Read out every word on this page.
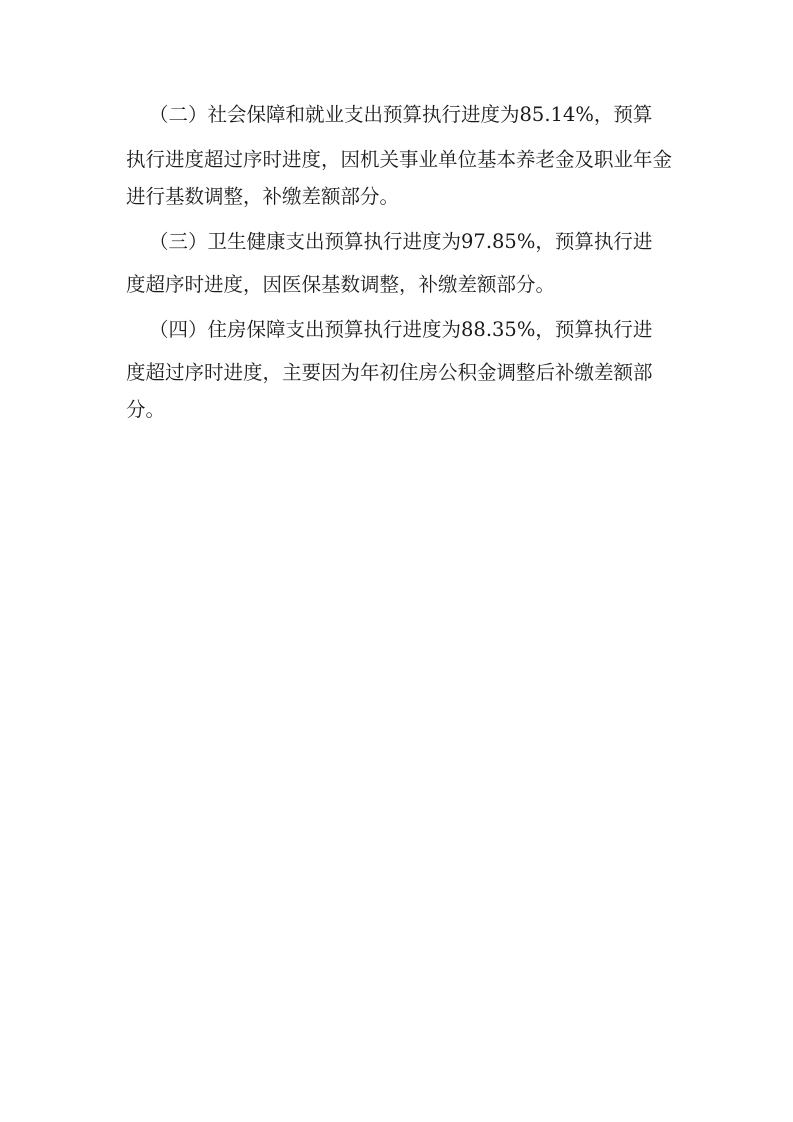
（二）社会保障和就业支出预算执行进度为85.14%，预算
执行进度超过序时进度，因机关事业单位基本养老金及职业年金
进行基数调整，补缴差额部分。
（三）卫生健康支出预算执行进度为97.85%，预算执行进
度超序时进度，因医保基数调整，补缴差额部分。
（四）住房保障支出预算执行进度为88.35%，预算执行进
度超过序时进度，主要因为年初住房公积金调整后补缴差额部
分。
